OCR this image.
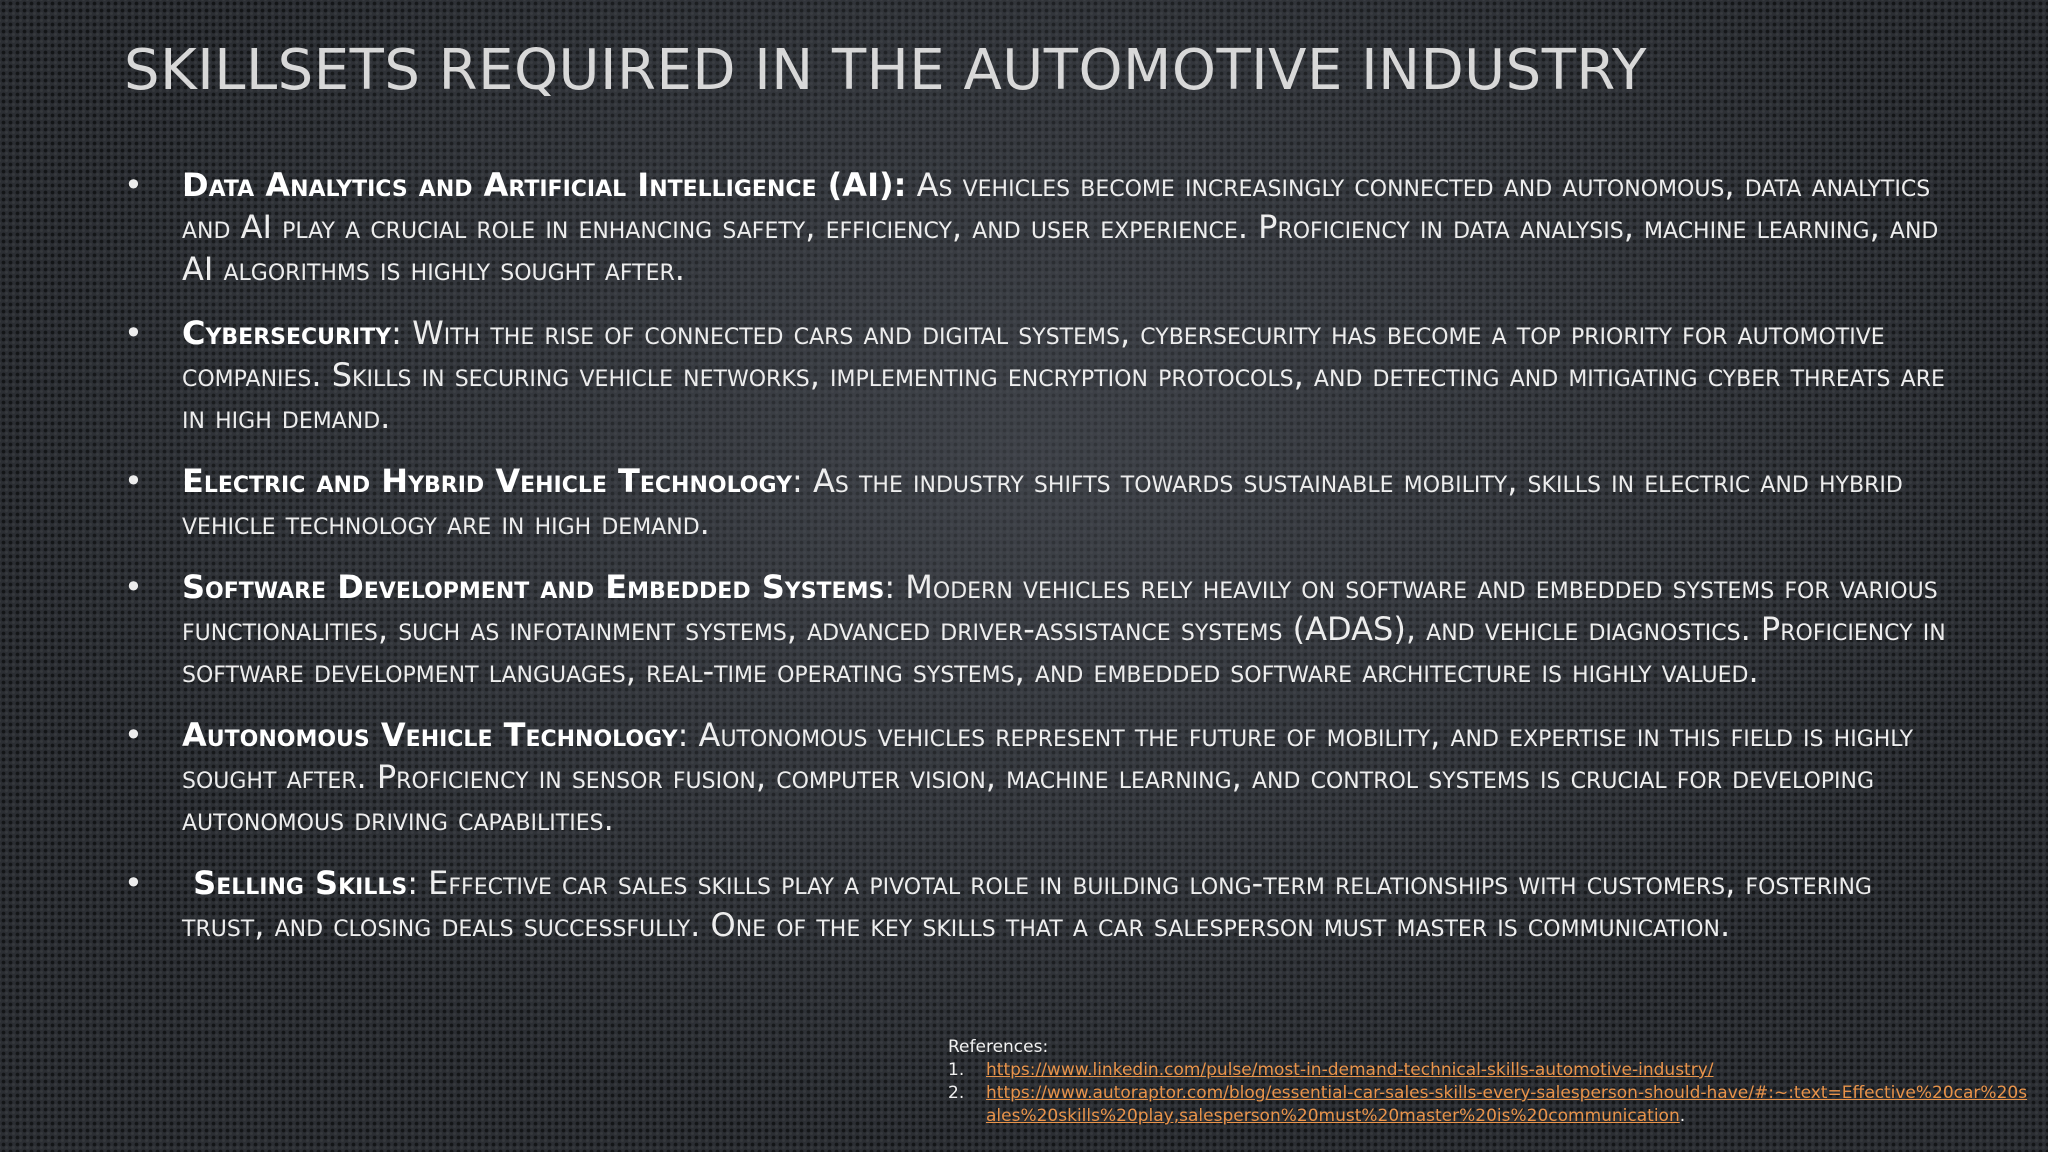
SKILLSETS REQUIRED IN THE AUTOMOTIVE INDUSTRY
• Data Analytics and Artificial Intelligence (AI): As vehicles become increasingly connected and autonomous, data analytics and AI play a crucial role in enhancing safety, efficiency, and user experience. Proficiency in data analysis, machine learning, and AI algorithms is highly sought after.
• Cybersecurity: With the rise of connected cars and digital systems, cybersecurity has become a top priority for automotive companies. Skills in securing vehicle networks, implementing encryption protocols, and detecting and mitigating cyber threats are in high demand.
• Electric and Hybrid Vehicle Technology: As the industry shifts towards sustainable mobility, skills in electric and hybrid vehicle technology are in high demand.
• Software Development and Embedded Systems: Modern vehicles rely heavily on software and embedded systems for various functionalities, such as infotainment systems, advanced driver-assistance systems (ADAS), and vehicle diagnostics. Proficiency in software development languages, real-time operating systems, and embedded software architecture is highly valued.
• Autonomous Vehicle Technology: Autonomous vehicles represent the future of mobility, and expertise in this field is highly sought after. Proficiency in sensor fusion, computer vision, machine learning, and control systems is crucial for developing autonomous driving capabilities.
• Selling Skills: Effective car sales skills play a pivotal role in building long-term relationships with customers, fostering trust, and closing deals successfully. One of the key skills that a car salesperson must master is communication.
References:
1. https://www.linkedin.com/pulse/most-in-demand-technical-skills-automotive-industry/
2. https://www.autoraptor.com/blog/essential-car-sales-skills-every-salesperson-should-have/#:~:text=Effective%20car%20sales%20skills%20play,salesperson%20must%20master%20is%20communication.
